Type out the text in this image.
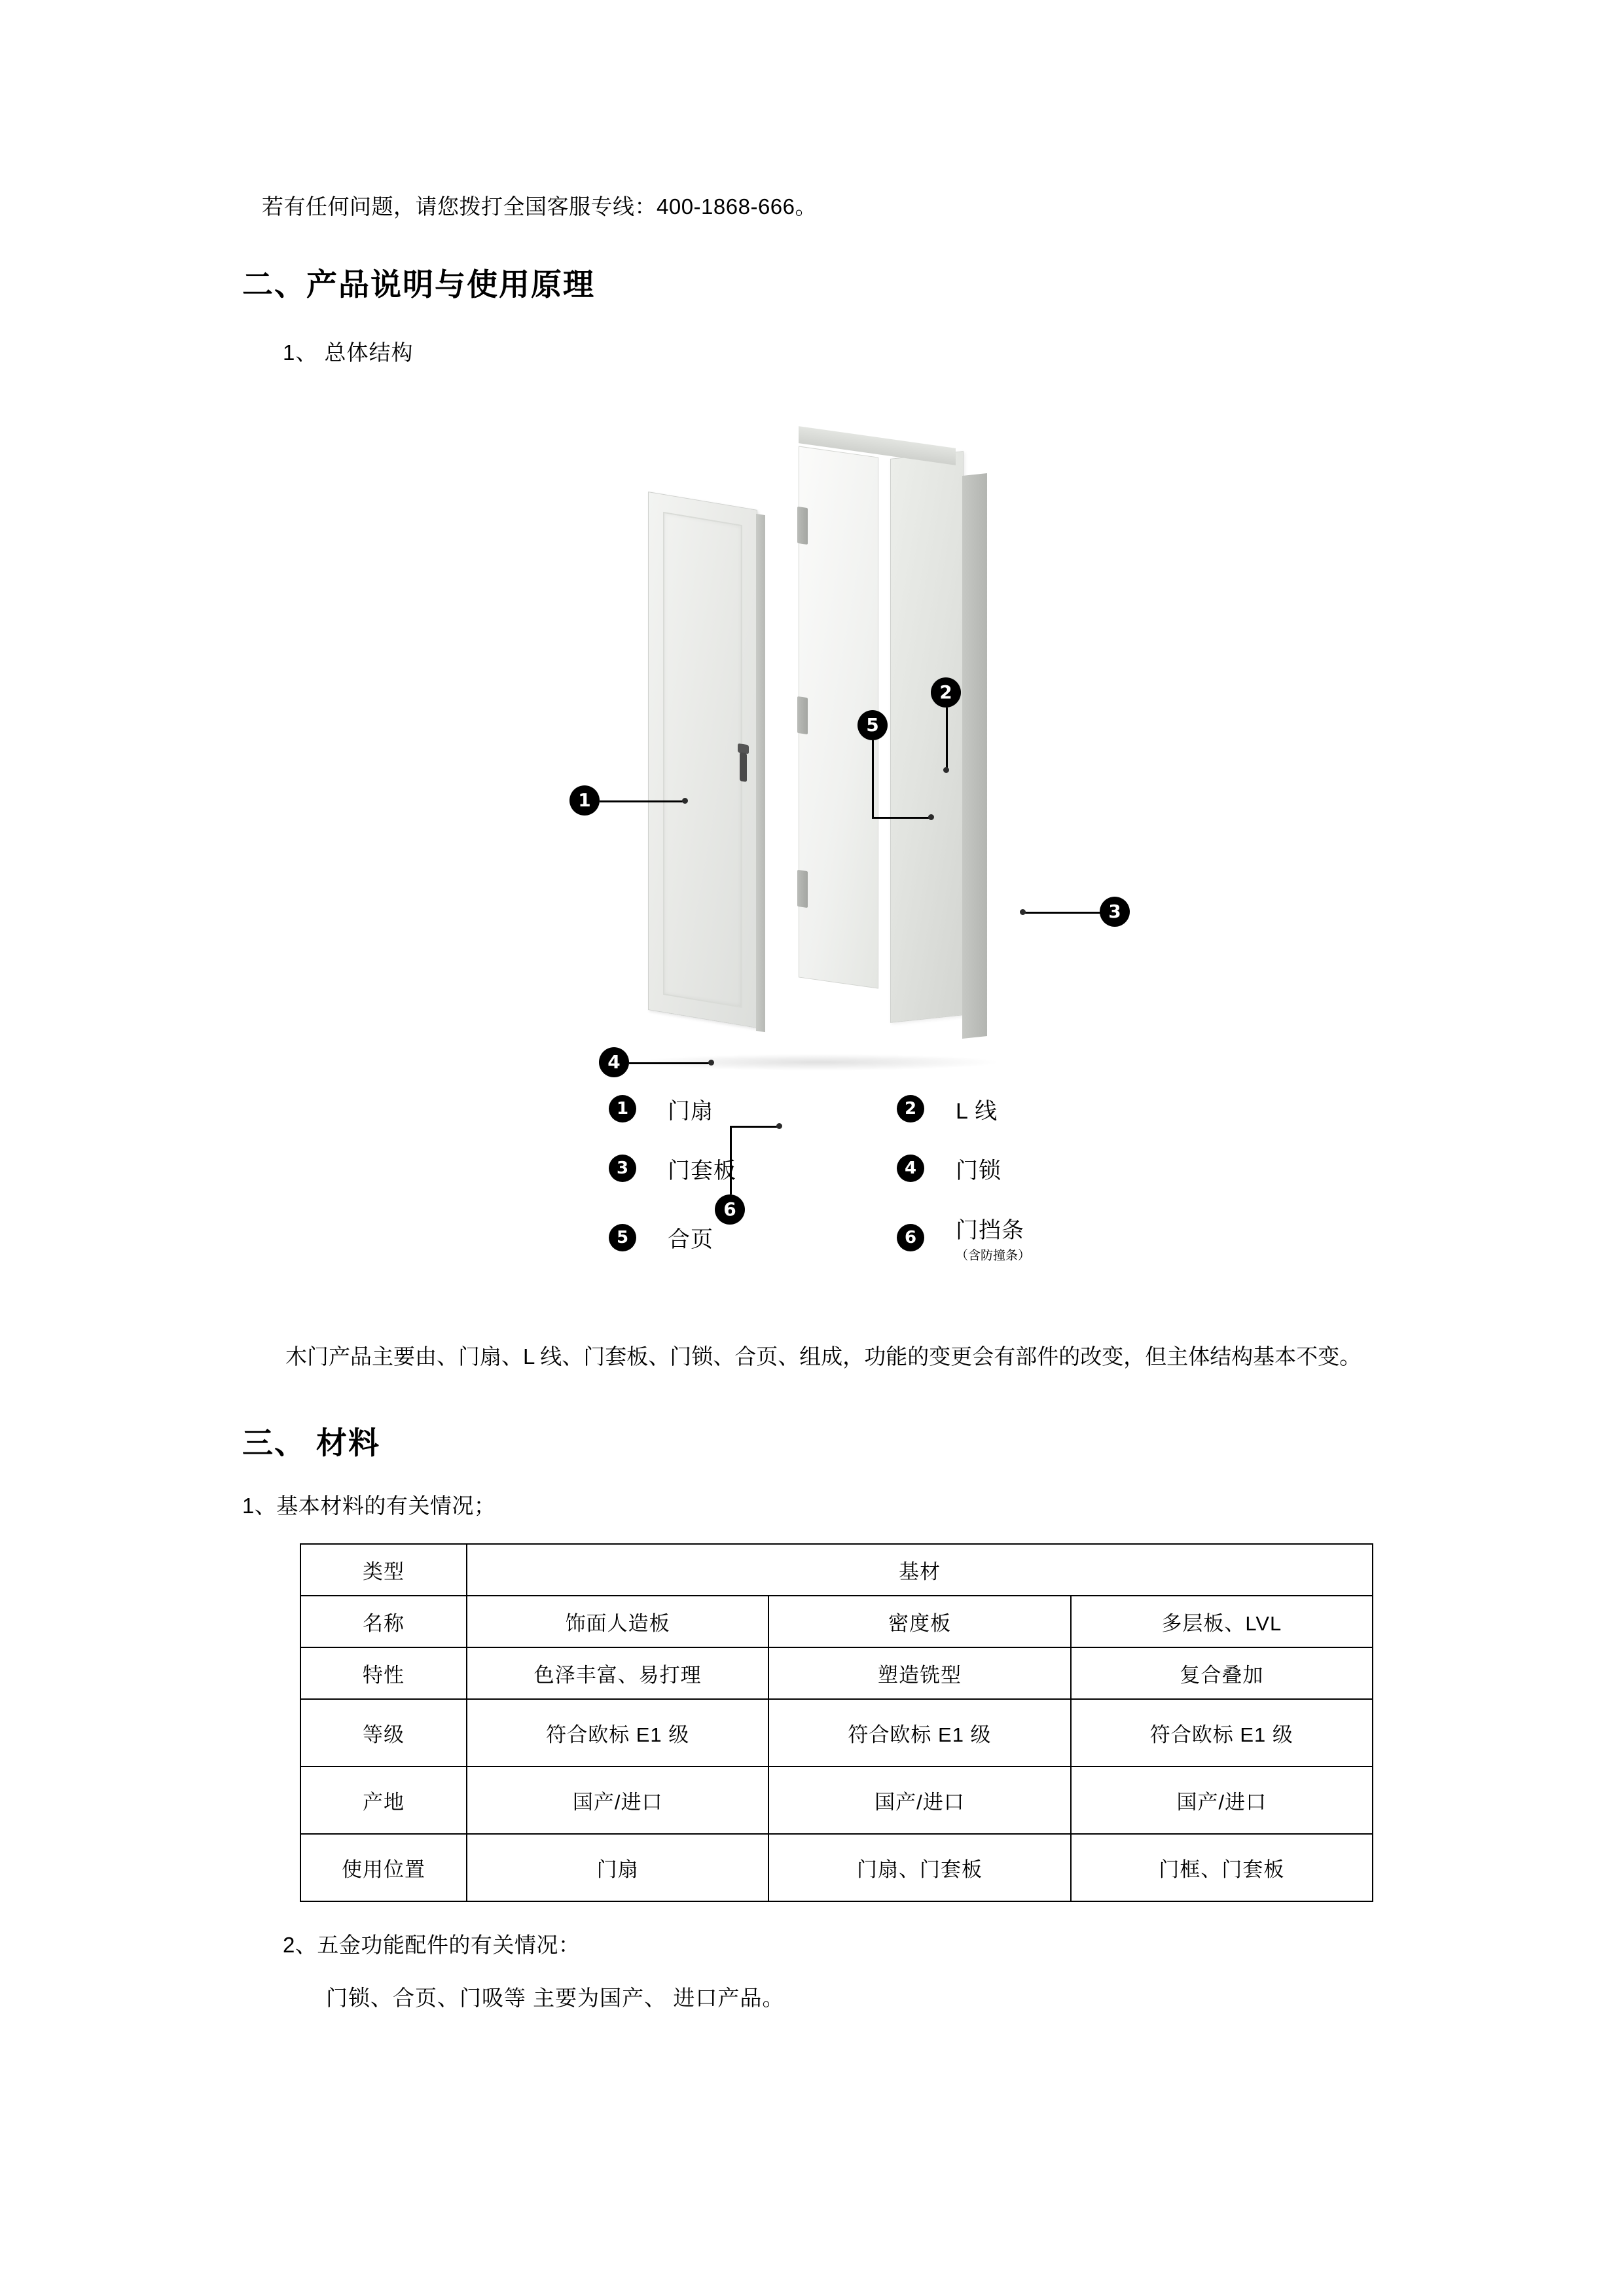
若有任何问题，请您拨打全国客服专线：400-1868-666。
二、产品说明与使用原理
1、 总体结构
1
5
2
3
4
6
1	门扇	2	L 线
3	门套板	4	门锁
5	合页	6	门挡条
（含防撞条）
木门产品主要由、门扇、L 线、门套板、门锁、合页、组成，功能的变更会有部件的改变，但主体结构基本不变。
三、 材料
1、基本材料的有关情况；
类型	基材		
名称	饰面人造板	密度板	多层板、LVL
特性	色泽丰富、易打理	塑造铣型	复合叠加
等级	符合欧标 E1 级	符合欧标 E1 级	符合欧标 E1 级
产地	国产/进口	国产/进口	国产/进口
使用位置	门扇	门扇、门套板	门框、门套板
2、五金功能配件的有关情况：
门锁、合页、门吸等 主要为国产、 进口产品。
